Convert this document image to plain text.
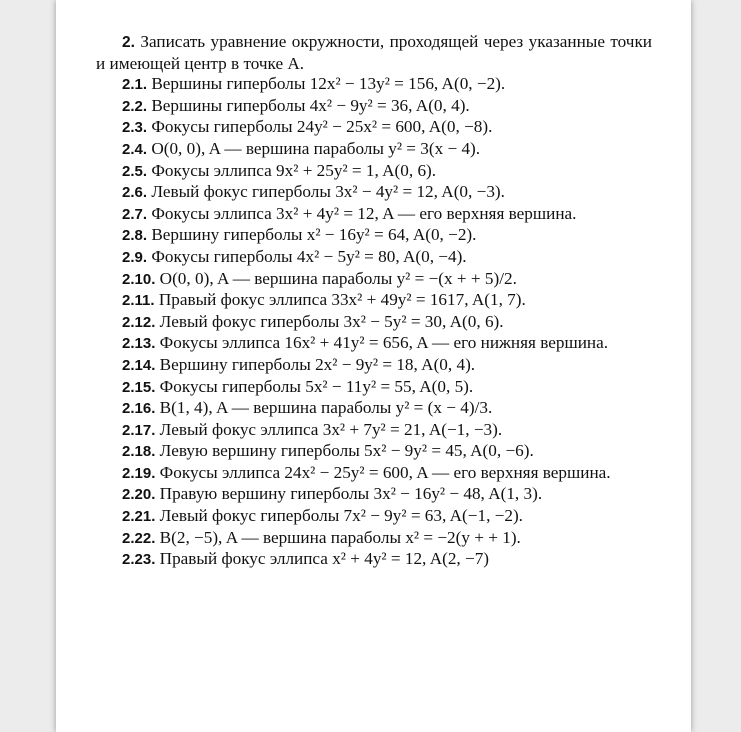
2. Записать уравнение окружности, проходящей через указанные точки и имеющей центр в точке A.

2.1. Вершины гиперболы 12x² − 13y² = 156, A(0, −2).

2.2. Вершины гиперболы 4x² − 9y² = 36, A(0, 4).

2.3. Фокусы гиперболы 24y² − 25x² = 600, A(0, −8).

2.4. O(0, 0), A — вершина параболы y² = 3(x − 4).

2.5. Фокусы эллипса 9x² + 25y² = 1, A(0, 6).

2.6. Левый фокус гиперболы 3x² − 4y² = 12, A(0, −3).

2.7. Фокусы эллипса 3x² + 4y² = 12, A — его верхняя вершина.

2.8. Вершину гиперболы x² − 16y² = 64, A(0, −2).

2.9. Фокусы гиперболы 4x² − 5y² = 80, A(0, −4).

2.10. O(0, 0), A — вершина параболы y² = −(x + + 5)/2.

2.11. Правый фокус эллипса 33x² + 49y² = 1617, A(1, 7).

2.12. Левый фокус гиперболы 3x² − 5y² = 30, A(0, 6).

2.13. Фокусы эллипса 16x² + 41y² = 656, A — его нижняя вершина.

2.14. Вершину гиперболы 2x² − 9y² = 18, A(0, 4).

2.15. Фокусы гиперболы 5x² − 11y² = 55, A(0, 5).

2.16. B(1, 4), A — вершина параболы y² = (x − 4)/3.

2.17. Левый фокус эллипса 3x² + 7y² = 21, A(−1, −3).

2.18. Левую вершину гиперболы 5x² − 9y² = 45, A(0, −6).

2.19. Фокусы эллипса 24x² − 25y² = 600, A — его верхняя вершина.

2.20. Правую вершину гиперболы 3x² − 16y² − 48, A(1, 3).

2.21. Левый фокус гиперболы 7x² − 9y² = 63, A(−1, −2).

2.22. B(2, −5), A — вершина параболы x² = −2(y + + 1).

2.23. Правый фокус эллипса x² + 4y² = 12, A(2, −7)
